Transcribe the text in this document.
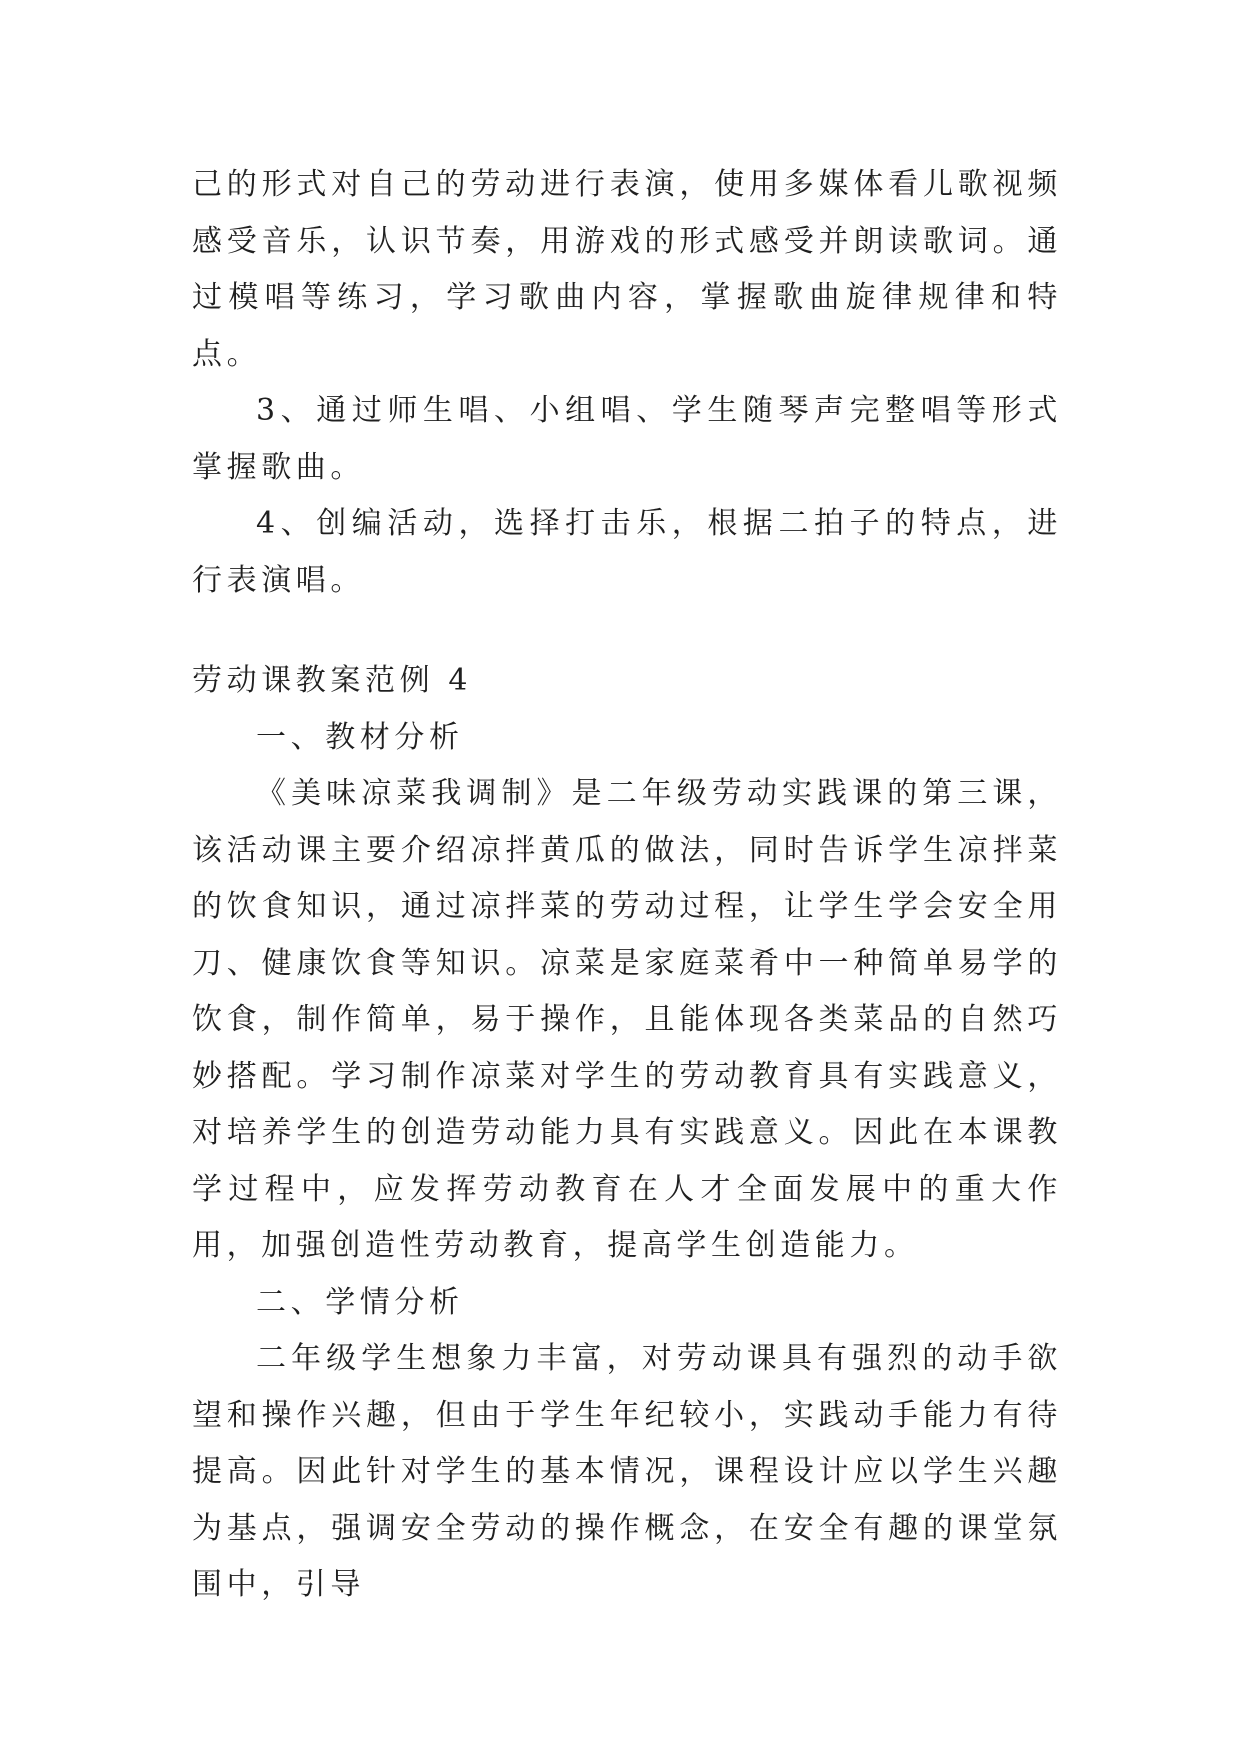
己的形式对自己的劳动进行表演，使用多媒体看儿歌视频感受音乐，认识节奏，用游戏的形式感受并朗读歌词。通过模唱等练习，学习歌曲内容，掌握歌曲旋律规律和特点。

3、通过师生唱、小组唱、学生随琴声完整唱等形式掌握歌曲。

4、创编活动，选择打击乐，根据二拍子的特点，进行表演唱。

劳动课教案范例 4

一、教材分析

《美味凉菜我调制》是二年级劳动实践课的第三课，该活动课主要介绍凉拌黄瓜的做法，同时告诉学生凉拌菜的饮食知识，通过凉拌菜的劳动过程，让学生学会安全用刀、健康饮食等知识。凉菜是家庭菜肴中一种简单易学的饮食，制作简单，易于操作，且能体现各类菜品的自然巧妙搭配。学习制作凉菜对学生的劳动教育具有实践意义，对培养学生的创造劳动能力具有实践意义。因此在本课教学过程中，应发挥劳动教育在人才全面发展中的重大作用，加强创造性劳动教育，提高学生创造能力。

二、学情分析

二年级学生想象力丰富，对劳动课具有强烈的动手欲望和操作兴趣，但由于学生年纪较小，实践动手能力有待提高。因此针对学生的基本情况，课程设计应以学生兴趣为基点，强调安全劳动的操作概念，在安全有趣的课堂氛围中，引导
